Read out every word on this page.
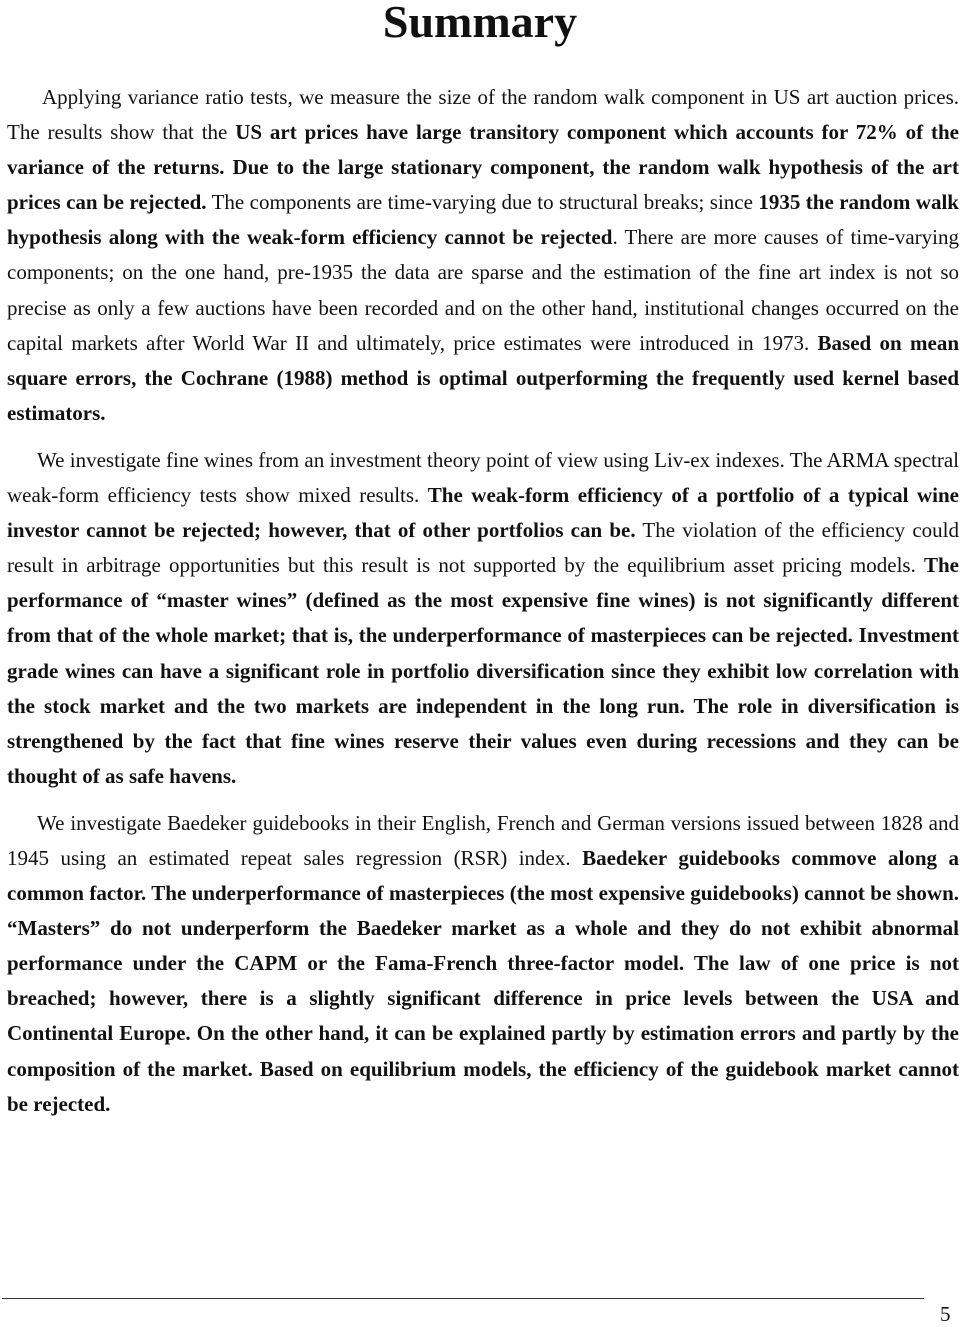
Summary

Applying variance ratio tests, we measure the size of the random walk component in US art auction prices. The results show that the US art prices have large transitory component which accounts for 72% of the variance of the returns. Due to the large stationary component, the random walk hypothesis of the art prices can be rejected. The components are time-varying due to structural breaks; since 1935 the random walk hypothesis along with the weak-form efficiency cannot be rejected. There are more causes of time-varying components; on the one hand, pre-1935 the data are sparse and the estimation of the fine art index is not so precise as only a few auctions have been recorded and on the other hand, institutional changes occurred on the capital markets after World War II and ultimately, price estimates were introduced in 1973. Based on mean square errors, the Cochrane (1988) method is optimal outperforming the frequently used kernel based estimators.

We investigate fine wines from an investment theory point of view using Liv-ex indexes. The ARMA spectral weak-form efficiency tests show mixed results. The weak-form efficiency of a portfolio of a typical wine investor cannot be rejected; however, that of other portfolios can be. The violation of the efficiency could result in arbitrage opportunities but this result is not supported by the equilibrium asset pricing models. The performance of “master wines” (defined as the most expensive fine wines) is not significantly different from that of the whole market; that is, the underperformance of masterpieces can be rejected. Investment grade wines can have a significant role in portfolio diversification since they exhibit low correlation with the stock market and the two markets are independent in the long run. The role in diversification is strengthened by the fact that fine wines reserve their values even during recessions and they can be thought of as safe havens.

We investigate Baedeker guidebooks in their English, French and German versions issued between 1828 and 1945 using an estimated repeat sales regression (RSR) index. Baedeker guidebooks commove along a common factor. The underperformance of masterpieces (the most expensive guidebooks) cannot be shown. “Masters” do not underperform the Baedeker market as a whole and they do not exhibit abnormal performance under the CAPM or the Fama-French three-factor model. The law of one price is not breached; however, there is a slightly significant difference in price levels between the USA and Continental Europe. On the other hand, it can be explained partly by estimation errors and partly by the composition of the market. Based on equilibrium models, the efficiency of the guidebook market cannot be rejected.

5
